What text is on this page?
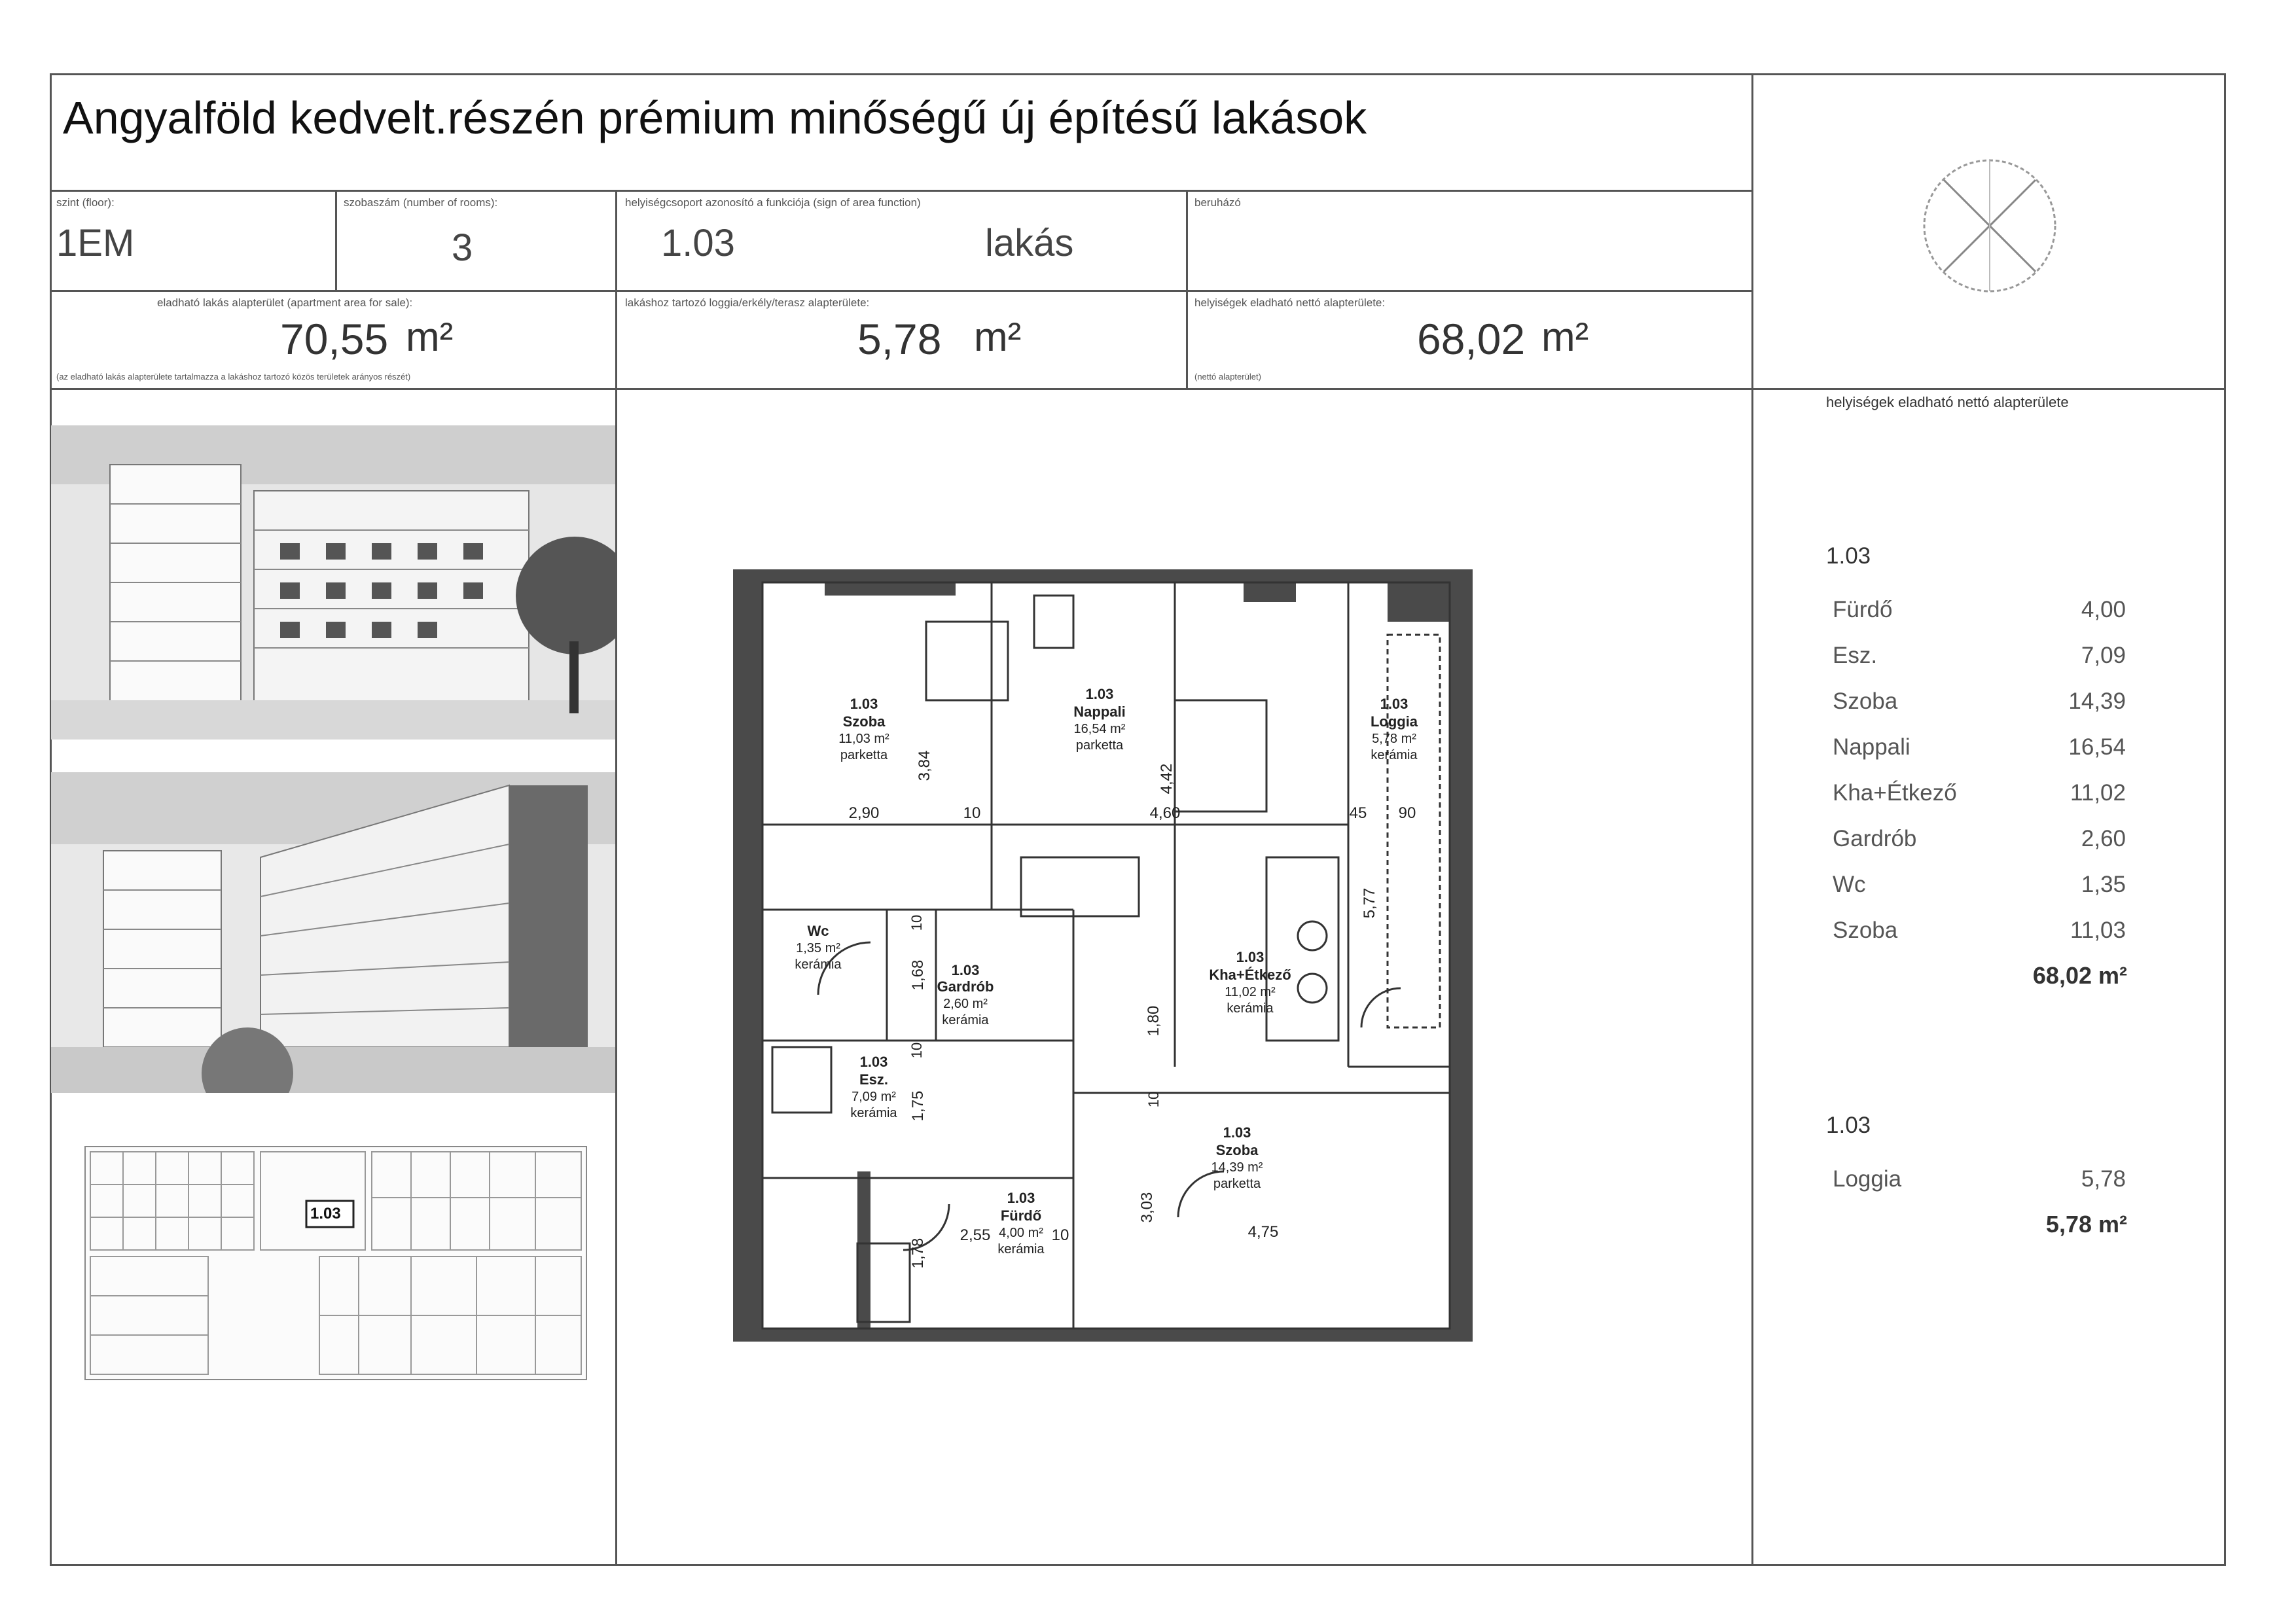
Angyalföld kedvelt.részén prémium minőségű új építésű lakások
szint (floor):
1EM
szobaszám (number of rooms):
3
helyiségcsoport azonosító a funkciója (sign of area function)
1.03	lakás
beruházó
eladható lakás alapterület (apartment area for sale):
70,55 m²
(az eladható lakás alapterülete tartalmazza a lakáshoz tartozó közös területek arányos részét)
lakáshoz tartozó loggia/erkély/terasz alapterülete:
5,78 m²
helyiségek eladható nettó alapterülete:
68,02 m²
(nettó alapterület)
helyiségek eladható nettó alapterülete
1.03
Fürdő	4,00
Esz.	7,09
Szoba	14,39
Nappali	16,54
Kha+Étkező	11,02
Gardrób	2,60
Wc	1,35
Szoba	11,03
68,02 m²
1.03
Loggia	5,78
5,78 m²
1.03
1.03
Szoba
11,03 m²
parketta
1.03
Nappali
16,54 m²
parketta
1.03
Loggia
5,78 m²
kerámia
Wc
1,35 m²
kerámia	1.03
Gardrób
2,60 m²
kerámia
1.03
Kha+Étkező
11,02 m²
kerámia
1.03
Esz.
7,09 m²
kerámia
1.03
Szoba
14,39 m²
parketta
1.03
Fürdő
4,00 m²
kerámia
2,90	10	4,60	45 90
3,84	4,42
5,77
1,68
1,80
1,75
1,78
2,55
3,03
4,75
10
10
10
10
